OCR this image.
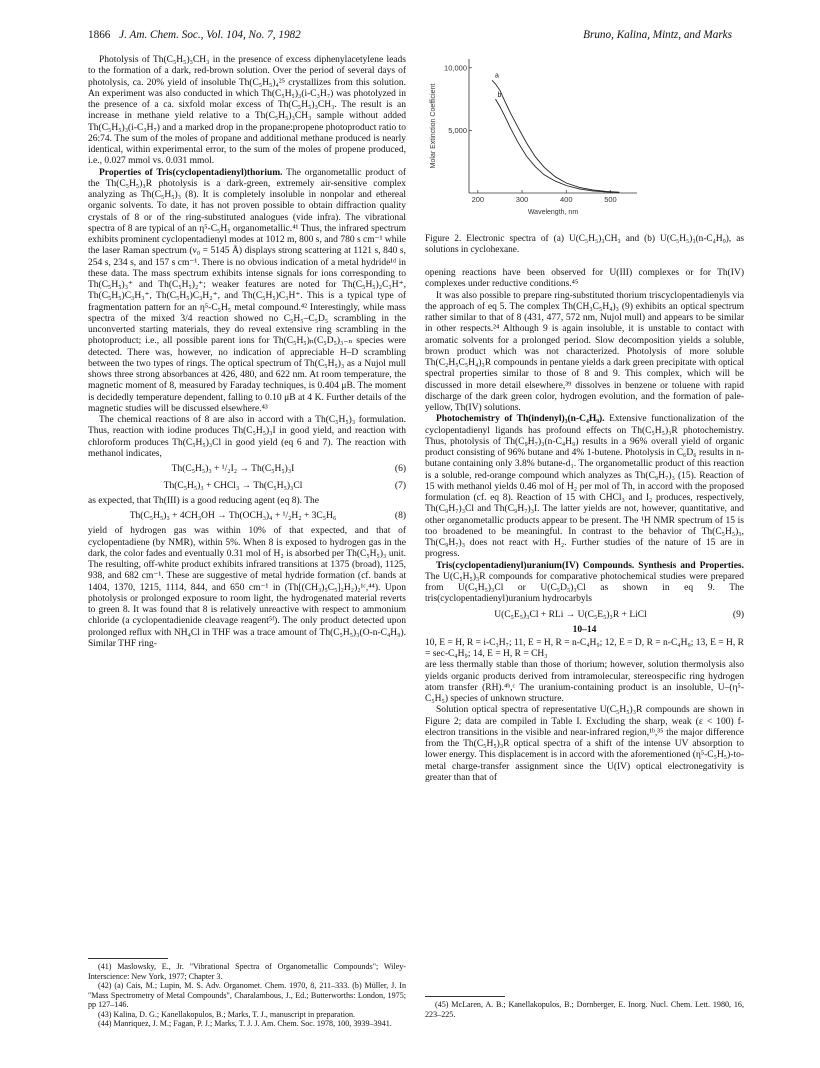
1866 J. Am. Chem. Soc., Vol. 104, No. 7, 1982	Bruno, Kalina, Mintz, and Marks

Photolysis of Th(C₅H₅)₃CH₃ in the presence of excess diphenylacetylene leads to the formation of a dark, red-brown solution. Over the period of several days of photolysis, ca. 20% yield of insoluble Th(C₅H₅)₄²⁵ crystallizes from this solution. An experiment was also conducted in which Th(C₅H₅)₃(i-C₃H₇) was photolyzed in the presence of a ca. sixfold molar excess of Th(C₅H₅)₃CH₃. The result is an increase in methane yield relative to a Th(C₅H₅)₃CH₃ sample without added Th(C₅H₅)₃(i-C₃H₇) and a marked drop in the propane:propene photoproduct ratio to 26:74. The sum of the moles of propane and additional methane produced is nearly identical, within experimental error, to the sum of the moles of propene produced, i.e., 0.027 mmol vs. 0.031 mmol.

Properties of Tris(cyclopentadienyl)thorium. The organometallic product of the Th(C₅H₅)₃R photolysis is a dark-green, extremely air-sensitive complex analyzing as Th(C₅H₅)₃ (8). It is completely insoluble in nonpolar and ethereal organic solvents. To date, it has not proven possible to obtain diffraction quality crystals of 8 or of the ring-substituted analogues (vide infra). The vibrational spectra of 8 are typical of an η⁵-C₅H₅ organometallic.⁴¹ Thus, the infrared spectrum exhibits prominent cyclopentadienyl modes at 1012 m, 800 s, and 780 s cm⁻¹ while the laser Raman spectrum (ν₀ = 5145 Å) displays strong scattering at 1121 s, 840 s, 254 s, 234 s, and 157 s cm⁻¹. There is no obvious indication of a metal hydride¹ᵈ in these data. The mass spectrum exhibits intense signals for ions corresponding to Th(C₅H₅)₃⁺ and Th(C₅H₅)₂⁺; weaker features are noted for Th(C₅H₅)₂C₃H⁺, Th(C₅H₅)C₃H₃⁺, Th(C₅H₅)C₃H₂⁺, and Th(C₅H₅)C₃H⁺. This is a typical type of fragmentation pattern for an η⁵-C₅H₅ metal compound.⁴² Interestingly, while mass spectra of the mixed 3/4 reaction showed no C₅H₅–C₅D₅ scrambling in the unconverted starting materials, they do reveal extensive ring scrambling in the photoproduct; i.e., all possible parent ions for Th(C₅H₅)ₙ(C₅D₅)₃₋ₙ species were detected. There was, however, no indication of appreciable H–D scrambling between the two types of rings. The optical spectrum of Th(C₅H₅)₃ as a Nujol mull shows three strong absorbances at 426, 480, and 622 nm. At room temperature, the magnetic moment of 8, measured by Faraday techniques, is 0.404 μB. The moment is decidedly temperature dependent, falling to 0.10 μB at 4 K. Further details of the magnetic studies will be discussed elsewhere.⁴³

The chemical reactions of 8 are also in accord with a Th(C₅H₅)₃ formulation. Thus, reaction with iodine produces Th(C₅H₅)₃I in good yield, and reaction with chloroform produces Th(C₅H₅)₃Cl in good yield (eq 6 and 7). The reaction with methanol indicates,

Th(C₅H₅)₃ + ¹/₂I₂ → Th(C₅H₅)₃I	(6)
Th(C₅H₅)₃ + CHCl₃ → Th(C₅H₅)₃Cl	(7)

as expected, that Th(III) is a good reducing agent (eq 8). The

Th(C₅H₅)₃ + 4CH₃OH → Th(OCH₃)₄ + ¹/₂H₂ + 3C₅H₆	(8)

yield of hydrogen gas was within 10% of that expected, and that of cyclopentadiene (by NMR), within 5%. When 8 is exposed to hydrogen gas in the dark, the color fades and eventually 0.31 mol of H₂ is absorbed per Th(C₅H₅)₃ unit. The resulting, off-white product exhibits infrared transitions at 1375 (broad), 1125, 938, and 682 cm⁻¹. These are suggestive of metal hydride formation (cf. bands at 1404, 1370, 1215, 1114, 844, and 650 cm⁻¹ in (Th[(CH₃)₅C₅]₂H₂)₂¹ᶜ,⁴⁴). Upon photolysis or prolonged exposure to room light, the hydrogenated material reverts to green 8. It was found that 8 is relatively unreactive with respect to ammonium chloride (a cyclopentadienide cleavage reagent⁵ᶠ). The only product detected upon prolonged reflux with NH₄Cl in THF was a trace amount of Th(C₅H₅)₃(O-n-C₄H₉). Similar THF ring-

(41) Maslowsky, E., Jr. "Vibrational Spectra of Organometallic Compounds"; Wiley-Interscience: New York, 1977; Chapter 3.
(42) (a) Cais, M.; Lupin, M. S. Adv. Organomet. Chem. 1970, 8, 211–333. (b) Müller, J. In "Mass Spectrometry of Metal Compounds", Charalambous, J., Ed.; Butterworths: London, 1975; pp 127–146.
(43) Kalina, D. G.; Kanellakopulos, B.; Marks, T. J., manuscript in preparation.
(44) Manriquez, J. M.; Fagan, P. J.; Marks, T. J. J. Am. Chem. Soc. 1978, 100, 3939–3941.
200	300	400	500
5,000
10,000
Wavelength, nm
Molar Extinction Coefficient
a
b
Figure 2. Electronic spectra of (a) U(C₅H₅)₃CH₃ and (b) U(C₅H₅)₃(n-C₄H₉), as solutions in cyclohexane.

opening reactions have been observed for U(III) complexes or for Th(IV) complexes under reductive conditions.⁴⁵

It was also possible to prepare ring-substituted thorium triscyclopentadienyls via the approach of eq 5. The complex Th(CH₃C₅H₄)₃ (9) exhibits an optical spectrum rather similar to that of 8 (431, 477, 572 nm, Nujol mull) and appears to be similar in other respects.²⁴ Although 9 is again insoluble, it is unstable to contact with aromatic solvents for a prolonged period. Slow decomposition yields a soluble, brown product which was not characterized. Photolysis of more soluble Th(C₂H₅C₅H₄)₃R compounds in pentane yields a dark green precipitate with optical spectral properties similar to those of 8 and 9. This complex, which will be discussed in more detail elsewhere,³⁹ dissolves in benzene or toluene with rapid discharge of the dark green color, hydrogen evolution, and the formation of pale-yellow, Th(IV) solutions.

Photochemistry of Th(indenyl)₃(n-C₄H₉). Extensive functionalization of the cyclopentadienyl ligands has profound effects on Th(C₅H₅)₃R photochemistry. Thus, photolysis of Th(C₉H₇)₃(n-C₄H₉) results in a 96% overall yield of organic product consisting of 96% butane and 4% 1-butene. Photolysis in C₆D₆ results in n-butane containing only 3.8% butane-d₁. The organometallic product of this reaction is a soluble, red-orange compound which analyzes as Th(C₉H₇)₃ (15). Reaction of 15 with methanol yields 0.46 mol of H₂ per mol of Th, in accord with the proposed formulation (cf. eq 8). Reaction of 15 with CHCl₃ and I₂ produces, respectively, Th(C₉H₇)₃Cl and Th(C₉H₇)₃I. The latter yields are not, however, quantitative, and other organometallic products appear to be present. The ¹H NMR spectrum of 15 is too broadened to be meaningful. In contrast to the behavior of Th(C₅H₅)₃, Th(C₉H₇)₃ does not react with H₂. Further studies of the nature of 15 are in progress.

Tris(cyclopentadienyl)uranium(IV) Compounds. Synthesis and Properties. The U(C₅H₅)₃R compounds for comparative photochemical studies were prepared from U(C₅H₅)₃Cl or U(C₅D₅)₃Cl as shown in eq 9. The tris(cyclopentadienyl)uranium hydrocarbyls

U(C₅E₅)₃Cl + RLi → U(C₅E₅)₃R + LiCl	(9)
10–14

10, E = H, R = i-C₃H₇; 11, E = H, R = n-C₄H₉; 12, E = D, R = n-C₄H₉; 13, E = H, R = sec-C₄H₉; 14, E = H, R = CH₃

are less thermally stable than those of thorium; however, solution thermolysis also yields organic products derived from intramolecular, stereospecific ring hydrogen atom transfer (RH).⁴ᵇ,ᶜ The uranium-containing product is an insoluble, U–(η⁵-C₅H₅) species of unknown structure.

Solution optical spectra of representative U(C₅H₅)₃R compounds are shown in Figure 2; data are compiled in Table I. Excluding the sharp, weak (ε < 100) f-electron transitions in the visible and near-infrared region,¹ᵇ,³⁵ the major difference from the Th(C₅H₅)₃R optical spectra of a shift of the intense UV absorption to lower energy. This displacement is in accord with the aforementioned (η⁵-C₅H₅)-to-metal charge-transfer assignment since the U(IV) optical electronegativity is greater than that of

(45) McLaren, A. B.; Kanellakopulos, B.; Dornberger, E. Inorg. Nucl. Chem. Lett. 1980, 16, 223–225.
